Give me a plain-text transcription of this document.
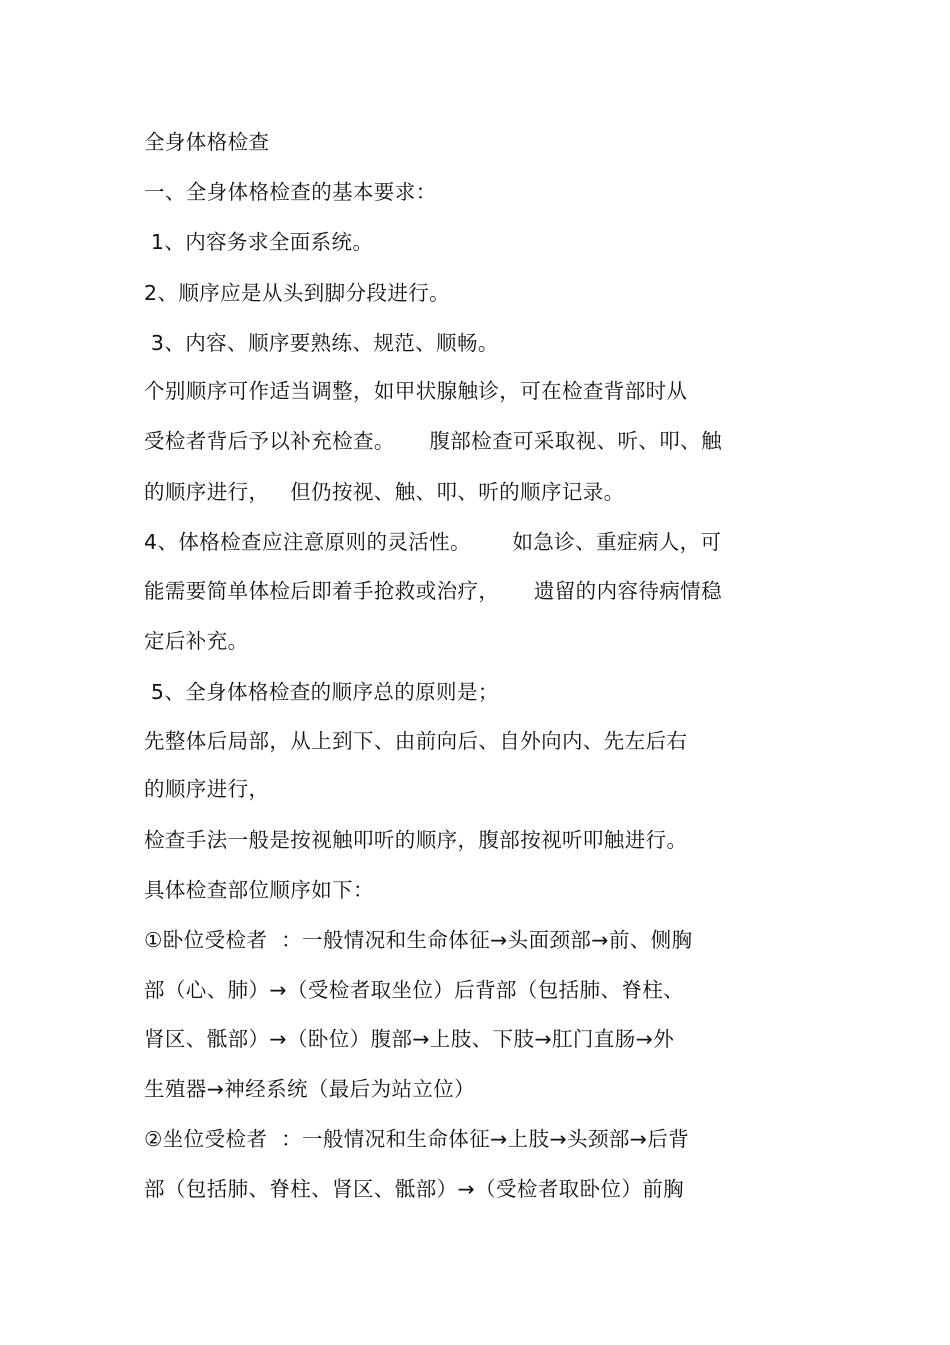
全身体格检查
一、全身体格检查的基本要求：
1、内容务求全面系统。
2、顺序应是从头到脚分段进行。
3、内容、顺序要熟练、规范、顺畅。
个别顺序可作适当调整，如甲状腺触诊，可在检查背部时从
受检者背后予以补充检查。     腹部检查可采取视、听、叩、触
的顺序进行，   但仍按视、触、叩、听的顺序记录。
4、体格检查应注意原则的灵活性。      如急诊、重症病人，可
能需要简单体检后即着手抢救或治疗，     遗留的内容待病情稳
定后补充。
5、全身体格检查的顺序总的原则是；
先整体后局部，从上到下、由前向后、自外向内、先左后右
的顺序进行，
检查手法一般是按视触叩听的顺序，腹部按视听叩触进行。
具体检查部位顺序如下：
①卧位受检者  ：一般情况和生命体征→头面颈部→前、侧胸
部（心、肺）→（受检者取坐位）后背部（包括肺、脊柱、
肾区、骶部）→（卧位）腹部→上肢、下肢→肛门直肠→外
生殖器→神经系统（最后为站立位）
②坐位受检者  ：一般情况和生命体征→上肢→头颈部→后背
部（包括肺、脊柱、肾区、骶部）→（受检者取卧位）前胸
